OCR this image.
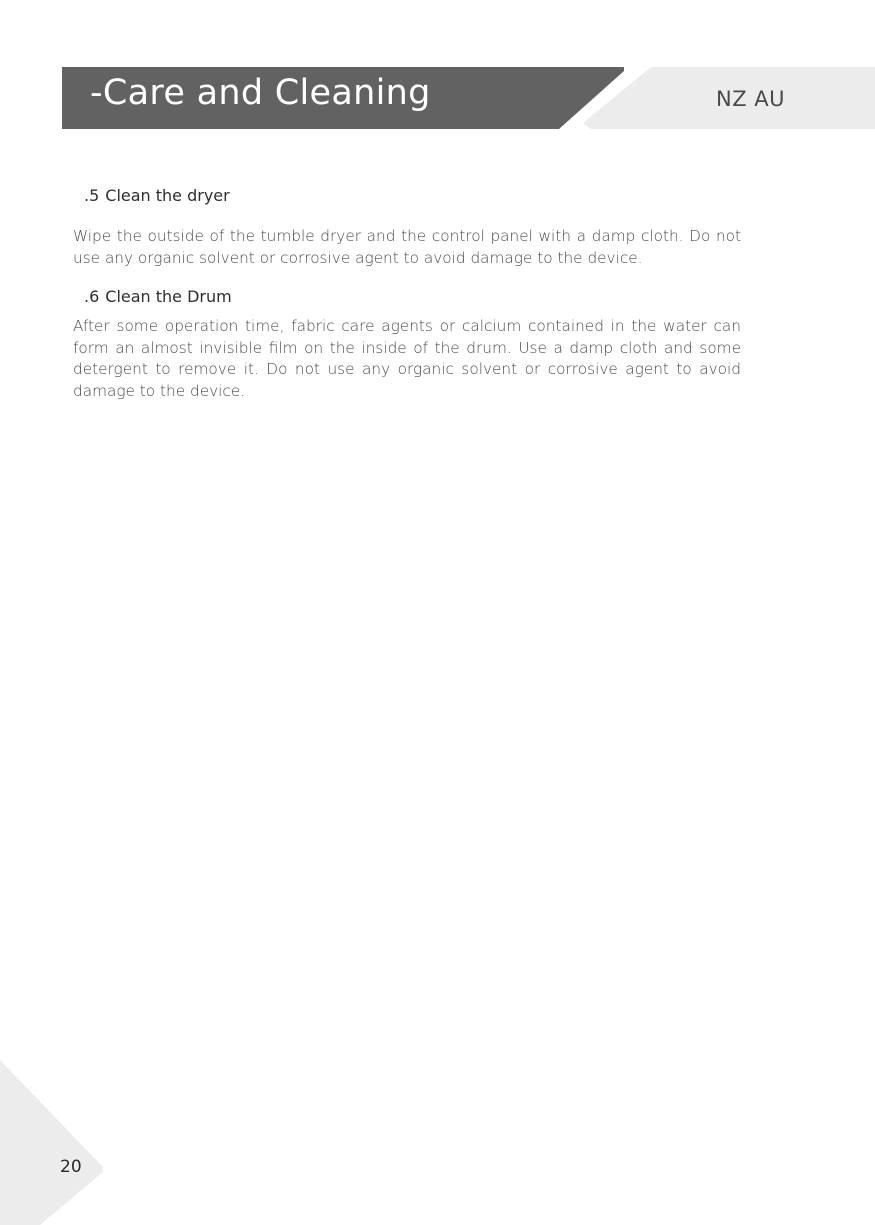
-Care and Cleaning	NZ AU
.5 Clean the dryer

Wipe the outside of the tumble dryer and the control panel with a damp cloth. Do not use any organic solvent or corrosive agent to avoid damage to the device.

.6 Clean the Drum

After some operation time, fabric care agents or calcium contained in the water can form an almost invisible film on the inside of the drum. Use a damp cloth and some detergent to remove it. Do not use any organic solvent or corrosive agent to avoid damage to the device.

20
